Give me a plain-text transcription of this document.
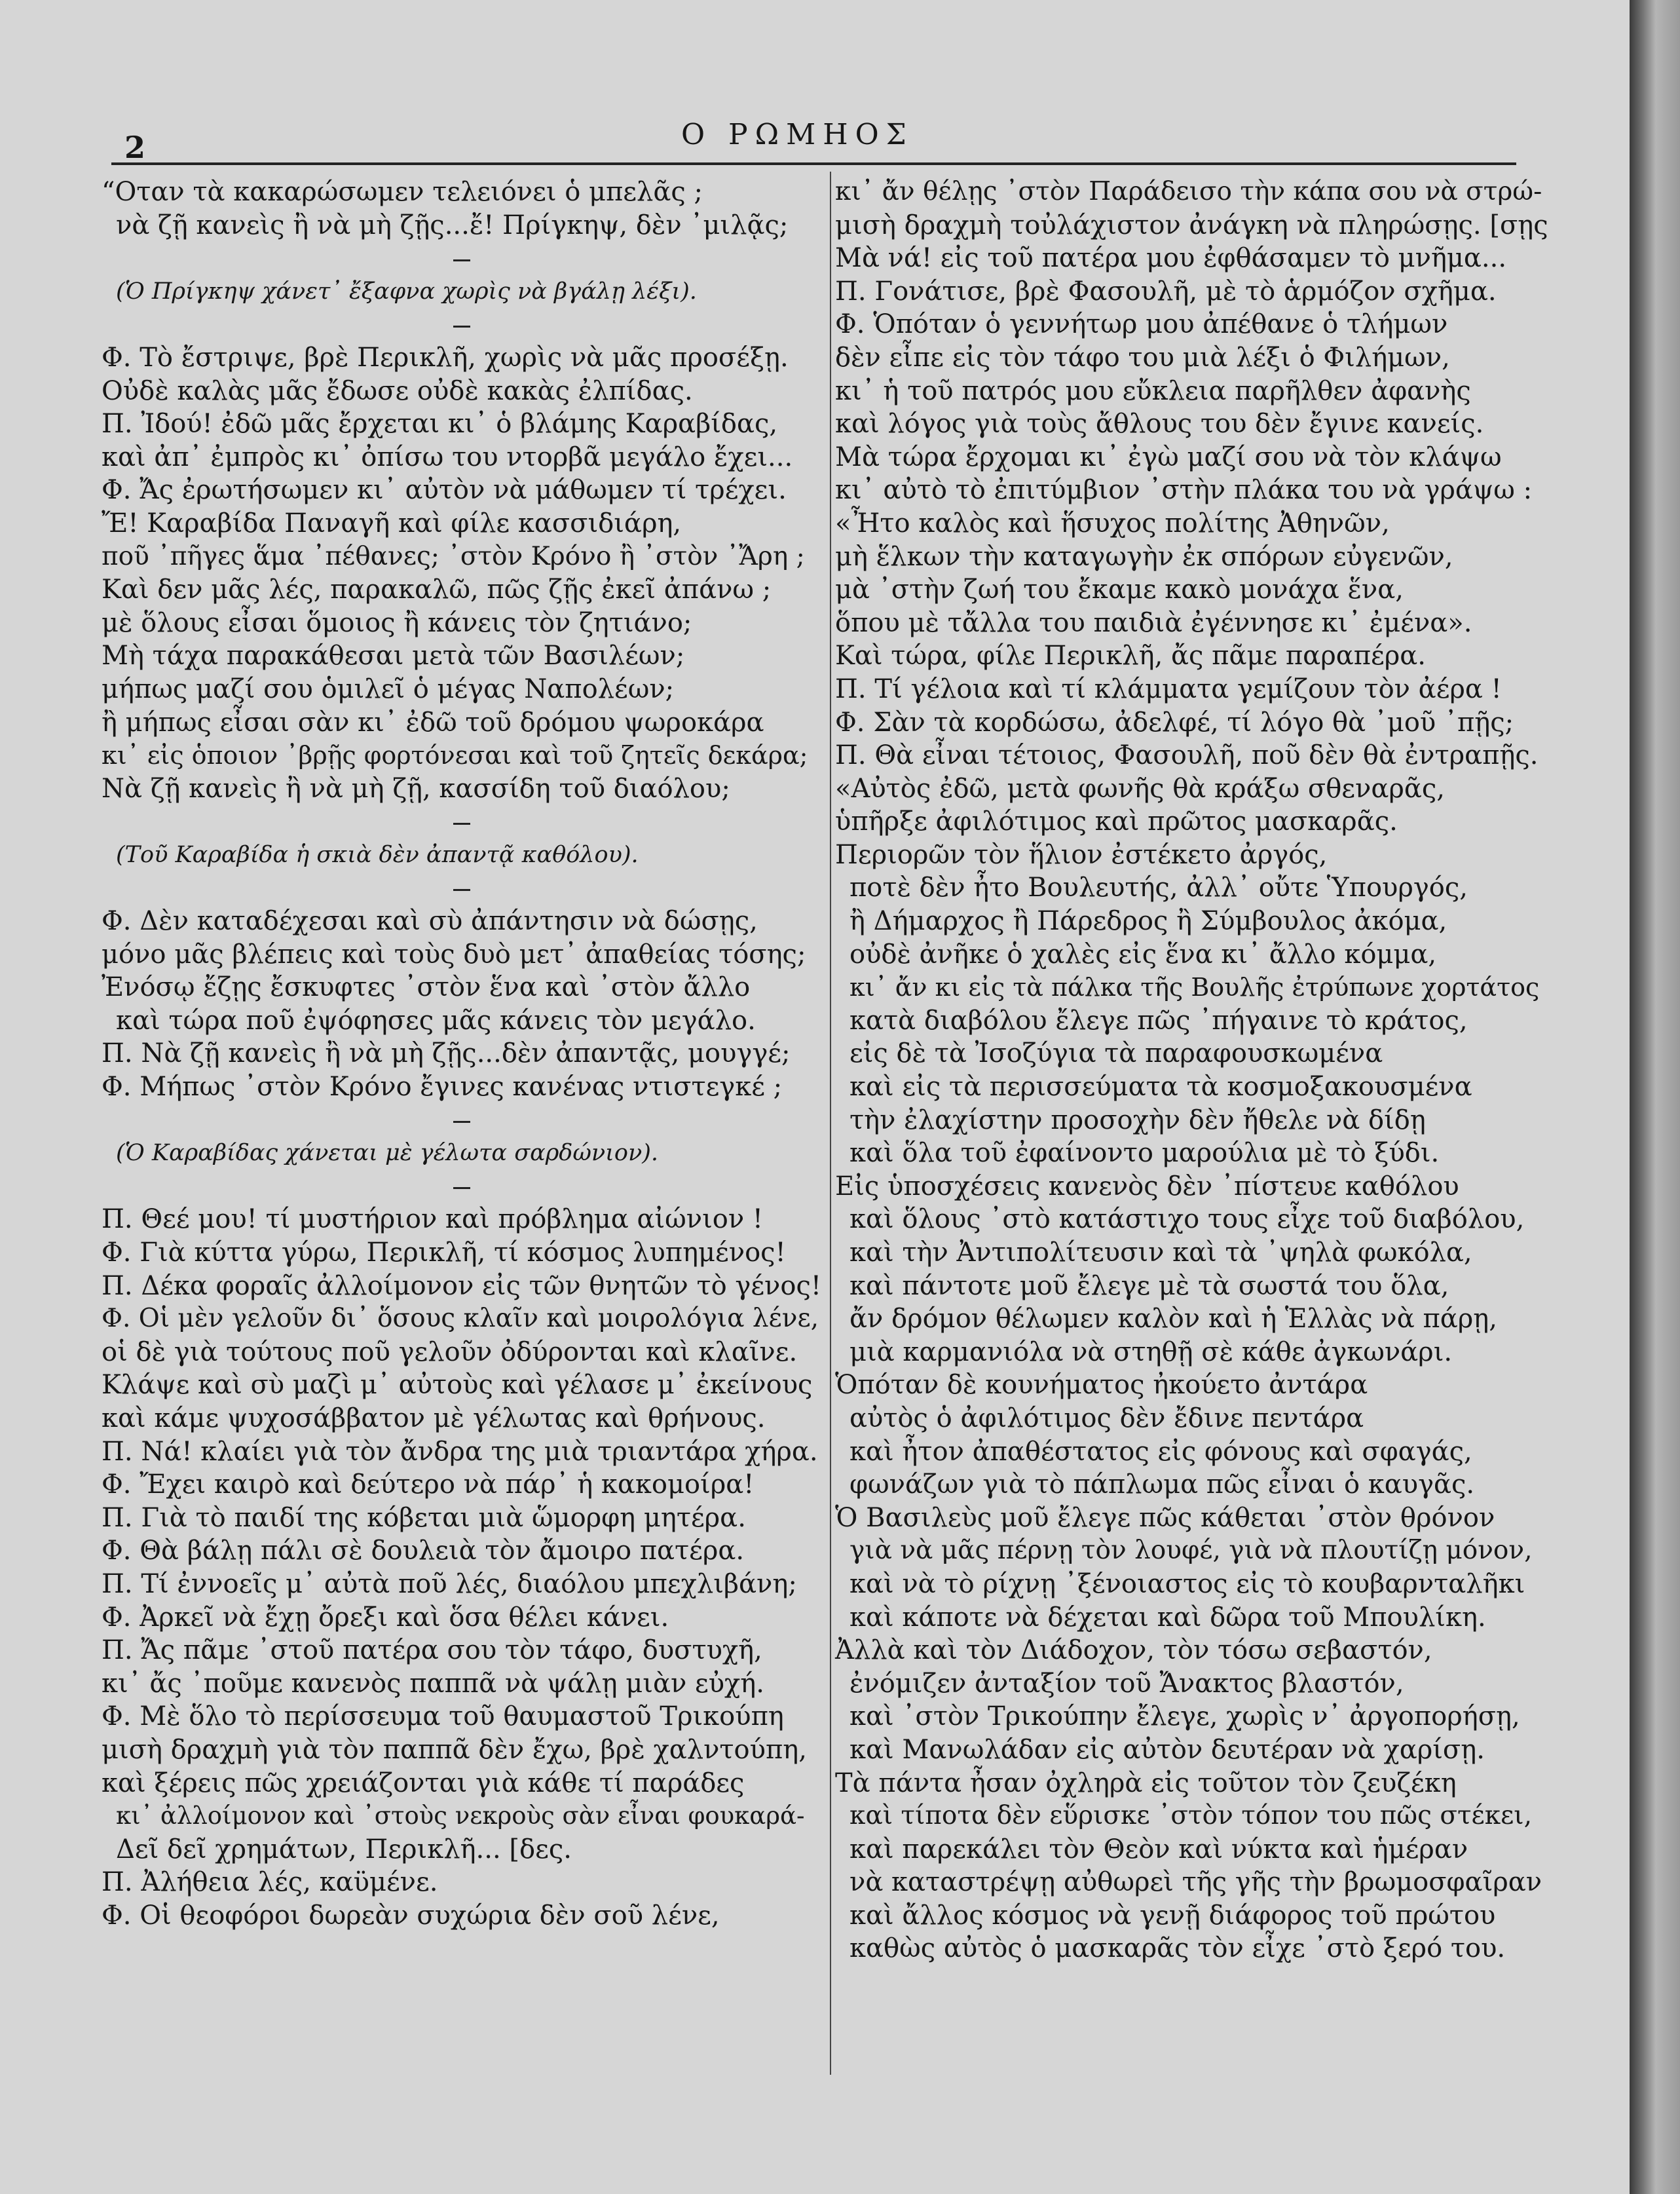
2	Ο ΡΩΜΗΟΣ
“Οταν τὰ κακαρώσωμεν τελειόνει ὁ μπελᾶς ;
νὰ ζῇ κανεὶς ἢ νὰ μὴ ζῇς...ἔ! Πρίγκηψ, δὲν ᾿μιλᾷς;
(Ὁ Πρίγκηψ χάνετ᾿ ἔξαφνα χωρὶς νὰ βγάλῃ λέξι).
Φ. Τὸ ἔστριψε, βρὲ Περικλῆ, χωρὶς νὰ μᾶς προσέξῃ.
Οὐδὲ καλὰς μᾶς ἔδωσε οὐδὲ κακὰς ἐλπίδας.
Π. Ἰδού! ἐδῶ μᾶς ἔρχεται κι᾿ ὁ βλάμης Καραβίδας,
καὶ ἀπ᾿ ἐμπρὸς κι᾿ ὀπίσω του ντορβᾶ μεγάλο ἔχει...
Φ. Ἄς ἐρωτήσωμεν κι᾿ αὐτὸν νὰ μάθωμεν τί τρέχει.
Ἔ! Καραβίδα Παναγῆ καὶ φίλε κασσιδιάρη,
ποῦ ᾿πῆγες ἅμα ᾿πέθανες; ᾿στὸν Κρόνο ἢ ᾿στὸν ᾿Ἄρη ;
Καὶ δεν μᾶς λές, παρακαλῶ, πῶς ζῇς ἐκεῖ ἀπάνω ;
μὲ ὅλους εἶσαι ὅμοιος ἢ κάνεις τὸν ζητιάνο;
Μὴ τάχα παρακάθεσαι μετὰ τῶν Βασιλέων;
μήπως μαζί σου ὁμιλεῖ ὁ μέγας Ναπολέων;
ἢ μήπως εἶσαι σὰν κι᾿ ἐδῶ τοῦ δρόμου ψωροκάρα
κι᾿ εἰς ὁποιον ᾿βρῇς φορτόνεσαι καὶ τοῦ ζητεῖς δεκάρα;
Νὰ ζῇ κανεὶς ἢ νὰ μὴ ζῇ, κασσίδη τοῦ διαόλου;
(Τοῦ Καραβίδα ἡ σκιὰ δὲν ἀπαντᾷ καθόλου).
Φ. Δὲν καταδέχεσαι καὶ σὺ ἀπάντησιν νὰ δώσῃς,
μόνο μᾶς βλέπεις καὶ τοὺς δυὸ μετ᾿ ἀπαθείας τόσης;
Ἐνόσῳ ἔζῃς ἔσκυφτες ᾿στὸν ἕνα καὶ ᾿στὸν ἄλλο
καὶ τώρα ποῦ ἐψόφησες μᾶς κάνεις τὸν μεγάλο.
Π. Νὰ ζῇ κανεὶς ἢ νὰ μὴ ζῇς...δὲν ἀπαντᾷς, μουγγέ;
Φ. Μήπως ᾿στὸν Κρόνο ἔγινες κανένας ντιστεγκέ ;
(Ὁ Καραβίδας χάνεται μὲ γέλωτα σαρδώνιον).
Π. Θεέ μου! τί μυστήριον καὶ πρόβλημα αἰώνιον !
Φ. Γιὰ κύττα γύρω, Περικλῆ, τί κόσμος λυπημένος!
Π. Δέκα φοραῖς ἀλλοίμονον εἰς τῶν θνητῶν τὸ γένος!
Φ. Οἱ μὲν γελοῦν δι᾿ ὅσους κλαῖν καὶ μοιρολόγια λένε,
οἱ δὲ γιὰ τούτους ποῦ γελοῦν ὀδύρονται καὶ κλαῖνε.
Κλάψε καὶ σὺ μαζὶ μ᾿ αὐτοὺς καὶ γέλασε μ᾿ ἐκείνους
καὶ κάμε ψυχοσάββατον μὲ γέλωτας καὶ θρήνους.
Π. Νά! κλαίει γιὰ τὸν ἄνδρα της μιὰ τριαντάρα χήρα.
Φ. Ἔχει καιρὸ καὶ δεύτερο νὰ πάρ᾿ ἡ κακομοίρα!
Π. Γιὰ τὸ παιδί της κόβεται μιὰ ὥμορφη μητέρα.
Φ. Θὰ βάλῃ πάλι σὲ δουλειὰ τὸν ἄμοιρο πατέρα.
Π. Τί ἐννοεῖς μ᾿ αὐτὰ ποῦ λές, διαόλου μπεχλιβάνη;
Φ. Ἀρκεῖ νὰ ἔχῃ ὄρεξι καὶ ὅσα θέλει κάνει.
Π. Ἄς πᾶμε ᾿στοῦ πατέρα σου τὸν τάφο, δυστυχῆ,
κι᾿ ἄς ᾿ποῦμε κανενὸς παππᾶ νὰ ψάλῃ μιὰν εὐχή.
Φ. Μὲ ὅλο τὸ περίσσευμα τοῦ θαυμαστοῦ Τρικούπη
μισὴ δραχμὴ γιὰ τὸν παππᾶ δὲν ἔχω, βρὲ χαλντούπη,
καὶ ξέρεις πῶς χρειάζονται γιὰ κάθε τί παράδες
κι᾿ ἀλλοίμονον καὶ ᾿στοὺς νεκροὺς σὰν εἶναι φουκαρά-
Δεῖ δεῖ χρημάτων, Περικλῆ... [δες.
Π. Ἀλήθεια λές, καϋμένε.
Φ. Οἱ θεοφόροι δωρεὰν συχώρια δὲν σοῦ λένε,
κι᾿ ἄν θέλῃς ᾿στὸν Παράδεισο τὴν κάπα σου νὰ στρώ-
μισὴ δραχμὴ τοὐλάχιστον ἀνάγκη νὰ πληρώσῃς. [σῃς
Μὰ νά! εἰς τοῦ πατέρα μου ἐφθάσαμεν τὸ μνῆμα...
Π. Γονάτισε, βρὲ Φασουλῆ, μὲ τὸ ἁρμόζον σχῆμα.
Φ. Ὁπόταν ὁ γεννήτωρ μου ἀπέθανε ὁ τλήμων
δὲν εἶπε εἰς τὸν τάφο του μιὰ λέξι ὁ Φιλήμων,
κι᾿ ἡ τοῦ πατρός μου εὔκλεια παρῆλθεν ἀφανὴς
καὶ λόγος γιὰ τοὺς ἄθλους του δὲν ἔγινε κανείς.
Μὰ τώρα ἔρχομαι κι᾿ ἐγὼ μαζί σου νὰ τὸν κλάψω
κι᾿ αὐτὸ τὸ ἐπιτύμβιον ᾿στὴν πλάκα του νὰ γράψω :
«Ἦτο καλὸς καὶ ἥσυχος πολίτης Ἀθηνῶν,
μὴ ἕλκων τὴν καταγωγὴν ἐκ σπόρων εὐγενῶν,
μὰ ᾿στὴν ζωή του ἔκαμε κακὸ μονάχα ἕνα,
ὅπου μὲ τἄλλα του παιδιὰ ἐγέννησε κι᾿ ἐμένα».
Καὶ τώρα, φίλε Περικλῆ, ἄς πᾶμε παραπέρα.
Π. Τί γέλοια καὶ τί κλάμματα γεμίζουν τὸν ἀέρα !
Φ. Σὰν τὰ κορδώσω, ἀδελφέ, τί λόγο θὰ ᾿μοῦ ᾿πῇς;
Π. Θὰ εἶναι τέτοιος, Φασουλῆ, ποῦ δὲν θὰ ἐντραπῇς.
«Αὐτὸς ἐδῶ, μετὰ φωνῆς θὰ κράξω σθεναρᾶς,
ὑπῆρξε ἀφιλότιμος καὶ πρῶτος μασκαρᾶς.
Περιορῶν τὸν ἥλιον ἐστέκετο ἀργός,
ποτὲ δὲν ἦτο Βουλευτής, ἀλλ᾿ οὔτε Ὑπουργός,
ἢ Δήμαρχος ἢ Πάρεδρος ἢ Σύμβουλος ἀκόμα,
οὐδὲ ἀνῆκε ὁ χαλὲς εἰς ἕνα κι᾿ ἄλλο κόμμα,
κι᾿ ἄν κι εἰς τὰ πάλκα τῆς Βουλῆς ἐτρύπωνε χορτάτος
κατὰ διαβόλου ἔλεγε πῶς ᾿πήγαινε τὸ κράτος,
εἰς δὲ τὰ Ἰσοζύγια τὰ παραφουσκωμένα
καὶ εἰς τὰ περισσεύματα τὰ κοσμοξακουσμένα
τὴν ἐλαχίστην προσοχὴν δὲν ἤθελε νὰ δίδῃ
καὶ ὅλα τοῦ ἐφαίνοντο μαρούλια μὲ τὸ ξύδι.
Εἰς ὑποσχέσεις κανενὸς δὲν ᾿πίστευε καθόλου
καὶ ὅλους ᾿στὸ κατάστιχο τους εἶχε τοῦ διαβόλου,
καὶ τὴν Ἀντιπολίτευσιν καὶ τὰ ᾿ψηλὰ φωκόλα,
καὶ πάντοτε μοῦ ἔλεγε μὲ τὰ σωστά του ὅλα,
ἄν δρόμον θέλωμεν καλὸν καὶ ἡ Ἑλλὰς νὰ πάρῃ,
μιὰ καρμανιόλα νὰ στηθῇ σὲ κάθε ἀγκωνάρι.
Ὁπόταν δὲ κουνήματος ἠκούετο ἀντάρα
αὐτὸς ὁ ἀφιλότιμος δὲν ἔδινε πεντάρα
καὶ ἦτον ἀπαθέστατος εἰς φόνους καὶ σφαγάς,
φωνάζων γιὰ τὸ πάπλωμα πῶς εἶναι ὁ καυγᾶς.
Ὁ Βασιλεὺς μοῦ ἔλεγε πῶς κάθεται ᾿στὸν θρόνον
γιὰ νὰ μᾶς πέρνῃ τὸν λουφέ, γιὰ νὰ πλουτίζῃ μόνον,
καὶ νὰ τὸ ρίχνῃ ᾿ξένοιαστος εἰς τὸ κουβαρνταλῆκι
καὶ κάποτε νὰ δέχεται καὶ δῶρα τοῦ Μπουλίκη.
Ἀλλὰ καὶ τὸν Διάδοχον, τὸν τόσω σεβαστόν,
ἐνόμιζεν ἀνταξίον τοῦ Ἄνακτος βλαστόν,
καὶ ᾿στὸν Τρικούπην ἔλεγε, χωρὶς ν᾿ ἀργοπορήσῃ,
καὶ Μανωλάδαν εἰς αὐτὸν δευτέραν νὰ χαρίσῃ.
Τὰ πάντα ἦσαν ὀχληρὰ εἰς τοῦτον τὸν ζευζέκη
καὶ τίποτα δὲν εὕρισκε ᾿στὸν τόπον του πῶς στέκει,
καὶ παρεκάλει τὸν Θεὸν καὶ νύκτα καὶ ἡμέραν
νὰ καταστρέψῃ αὐθωρεὶ τῆς γῆς τὴν βρωμοσφαῖραν
καὶ ἄλλος κόσμος νὰ γενῇ διάφορος τοῦ πρώτου
καθὼς αὐτὸς ὁ μασκαρᾶς τὸν εἶχε ᾿στὸ ξερό του.
